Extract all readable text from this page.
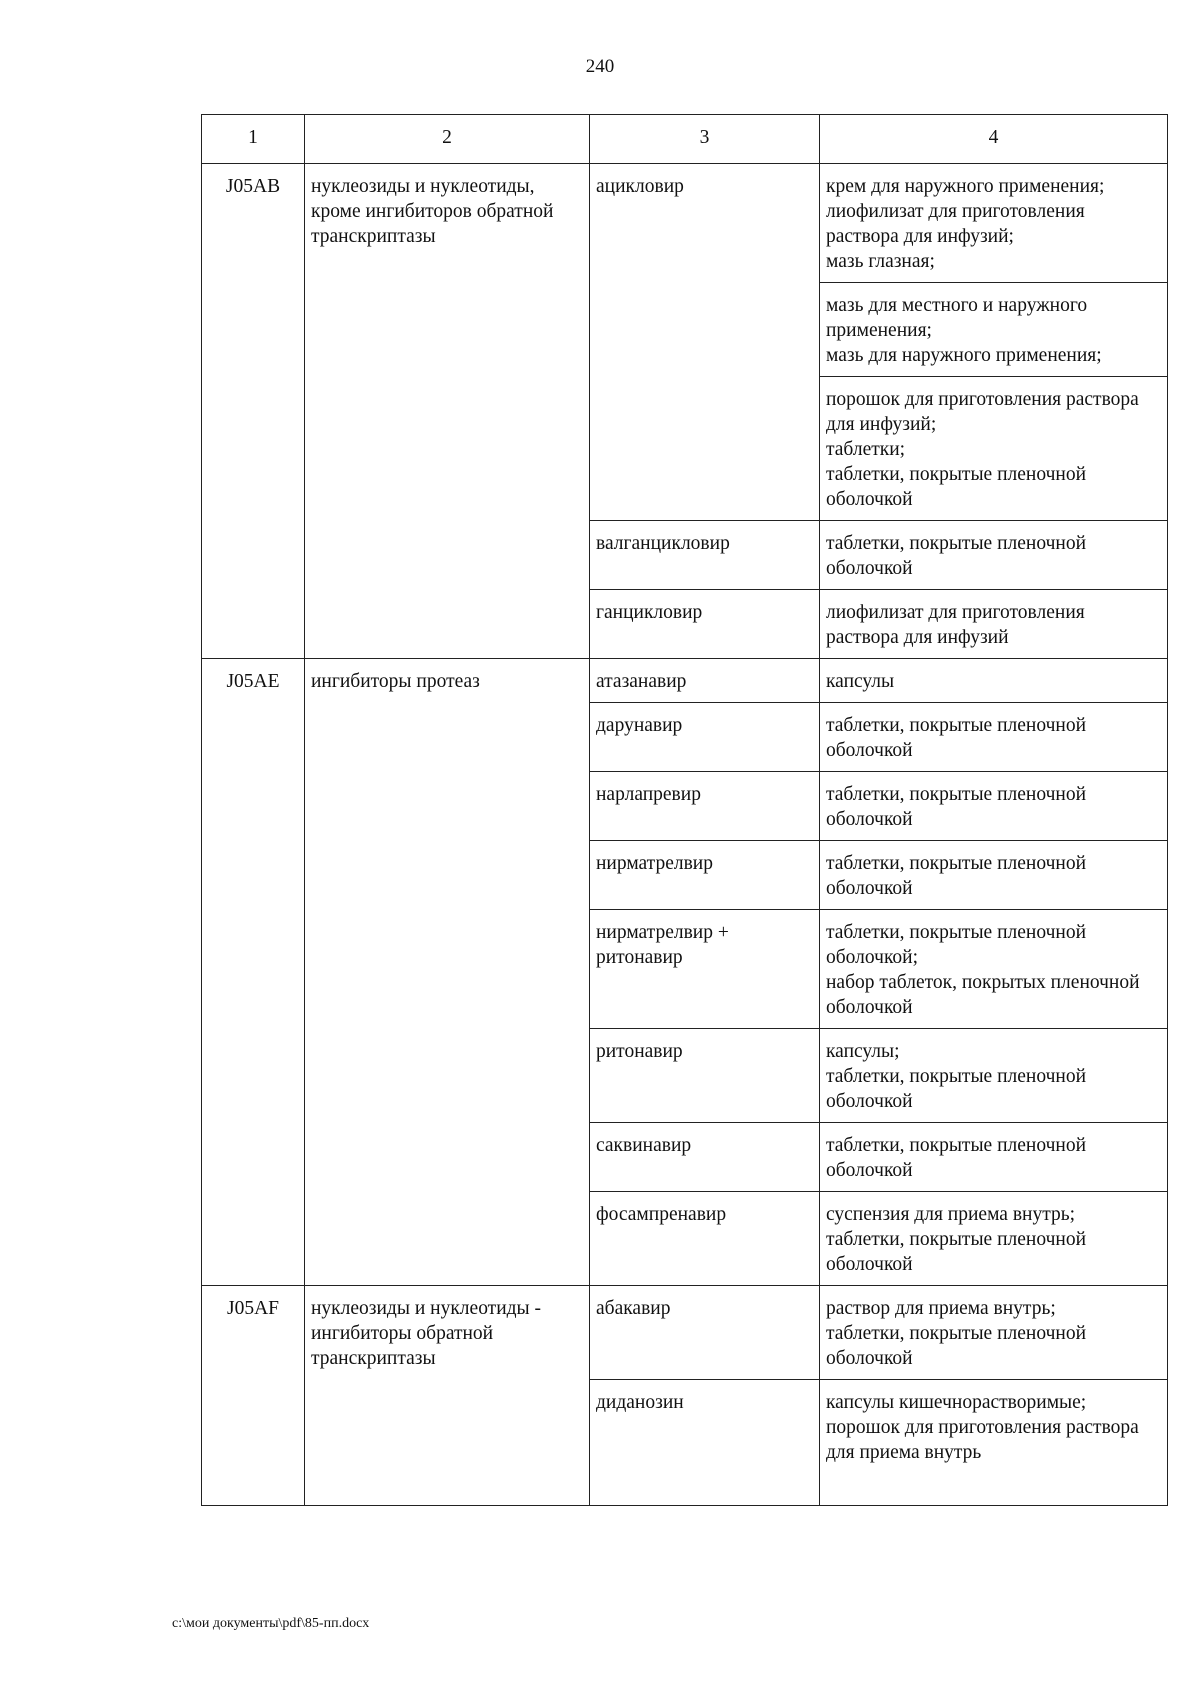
240
1	2	3	4
J05AB	нуклеозиды и нуклеотиды, кроме ингибиторов обратной транскриптазы	ацикловир	крем для наружного применения;
лиофилизат для приготовления раствора для инфузий;
мазь глазная;

			мазь для местного и наружного применения;
мазь для наружного применения;

			порошок для приготовления раствора для инфузий;
таблетки;
таблетки, покрытые пленочной оболочкой

		валганцикловир	таблетки, покрытые пленочной оболочкой

		ганцикловир	лиофилизат для приготовления раствора для инфузий

J05AE	ингибиторы протеаз	атазанавир	капсулы

		дарунавир	таблетки, покрытые пленочной оболочкой

		нарлапревир	таблетки, покрытые пленочной оболочкой

		нирматрелвир	таблетки, покрытые пленочной оболочкой

		нирматрелвир + ритонавир	таблетки, покрытые пленочной оболочкой;
набор таблеток, покрытых пленочной оболочкой

		ритонавир	капсулы;
таблетки, покрытые пленочной оболочкой

		саквинавир	таблетки, покрытые пленочной оболочкой

		фосампренавир	суспензия для приема внутрь;
таблетки, покрытые пленочной оболочкой

J05AF	нуклеозиды и нуклеотиды - ингибиторы обратной транскриптазы	абакавир	раствор для приема внутрь;
таблетки, покрытые пленочной оболочкой

		диданозин	капсулы кишечнорастворимые;
порошок для приготовления раствора для приема внутрь
c:\мои документы\pdf\85-пп.docx
